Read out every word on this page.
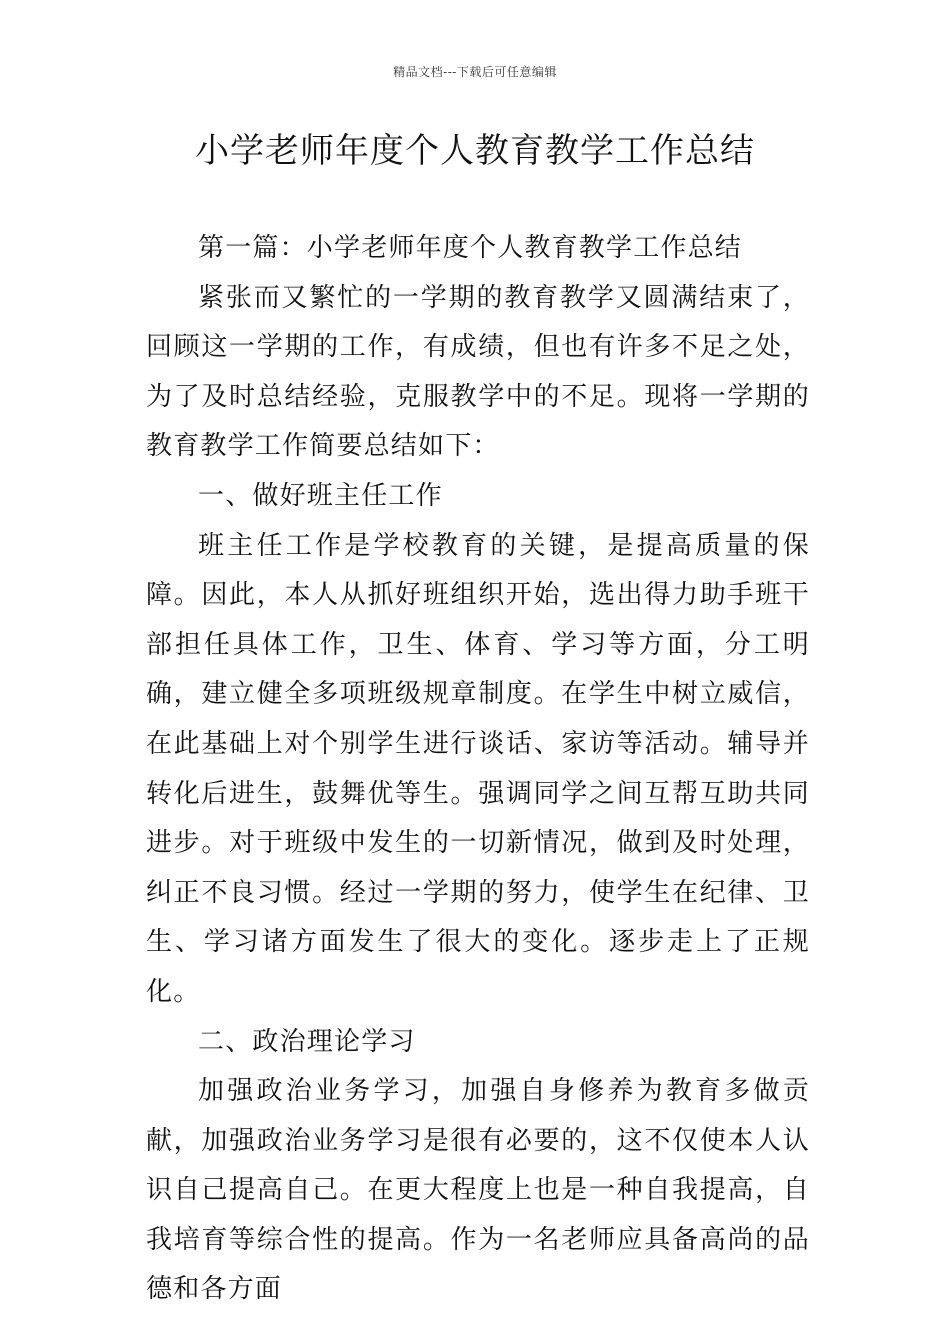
精品文档---下载后可任意编辑
小学老师年度个人教育教学工作总结

第一篇：小学老师年度个人教育教学工作总结

紧张而又繁忙的一学期的教育教学又圆满结束了，回顾这一学期的工作，有成绩，但也有许多不足之处，为了及时总结经验，克服教学中的不足。现将一学期的教育教学工作简要总结如下：

一、做好班主任工作

班主任工作是学校教育的关键，是提高质量的保障。因此，本人从抓好班组织开始，选出得力助手班干部担任具体工作，卫生、体育、学习等方面，分工明确，建立健全多项班级规章制度。在学生中树立威信，在此基础上对个别学生进行谈话、家访等活动。辅导并转化后进生，鼓舞优等生。强调同学之间互帮互助共同进步。对于班级中发生的一切新情况，做到及时处理，纠正不良习惯。经过一学期的努力，使学生在纪律、卫生、学习诸方面发生了很大的变化。逐步走上了正规化。

二、政治理论学习

加强政治业务学习，加强自身修养为教育多做贡献，加强政治业务学习是很有必要的，这不仅使本人认识自己提高自己。在更大程度上也是一种自我提高，自我培育等综合性的提高。作为一名老师应具备高尚的品德和各方面
